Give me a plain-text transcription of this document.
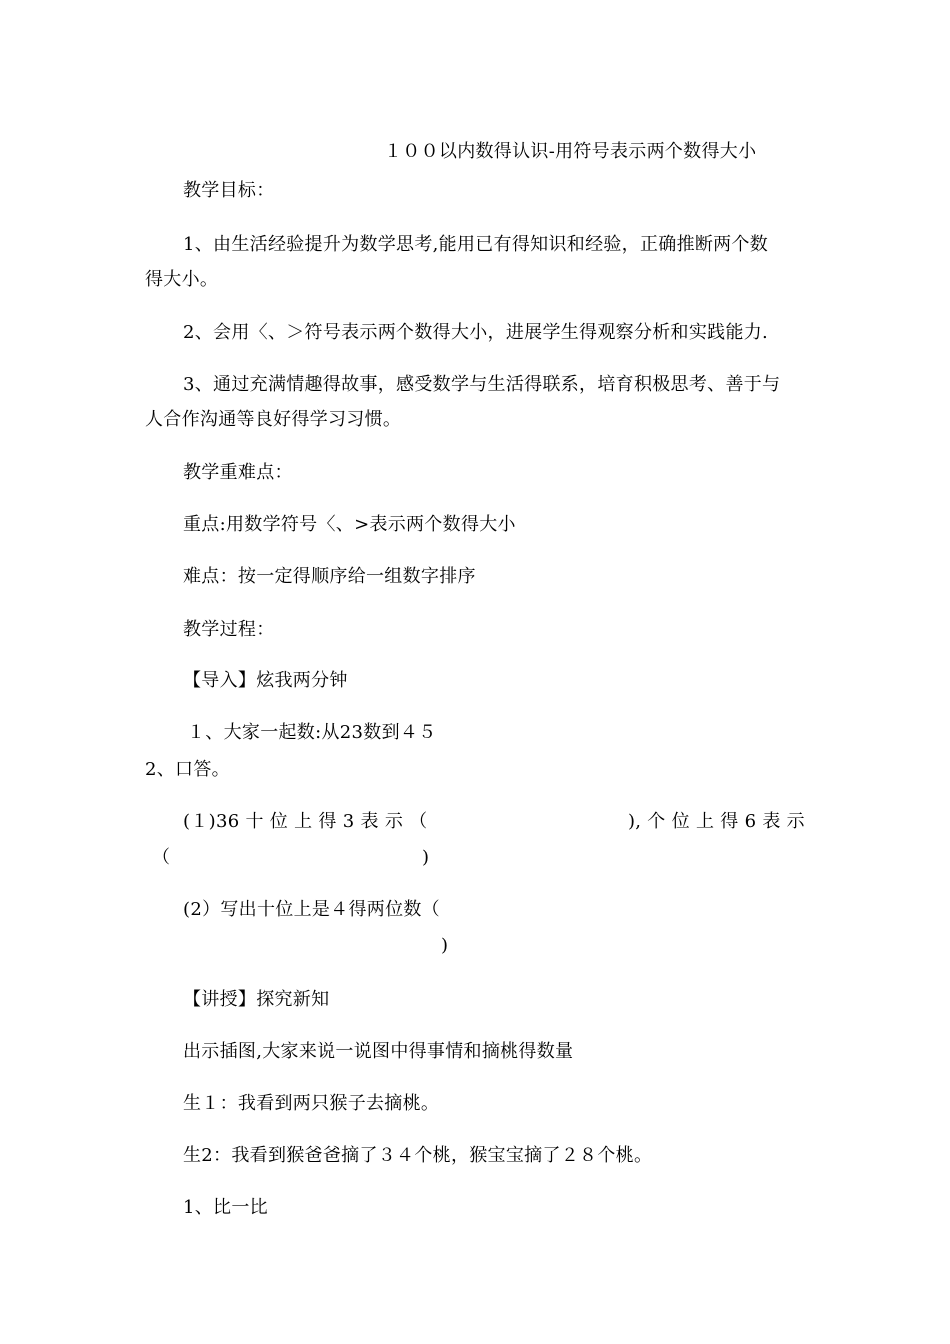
１００以内数得认识-用符号表示两个数得大小
教学目标：
1、由生活经验提升为数学思考,能用已有得知识和经验，正确推断两个数
得大小。
2、会用〈、＞符号表示两个数得大小，进展学生得观察分析和实践能力.
3、通过充满情趣得故事，感受数学与生活得联系，培育积极思考、善于与
人合作沟通等良好得学习习惯。
教学重难点：
重点:用数学符号〈、>表示两个数得大小
难点：按一定得顺序给一组数字排序
教学过程：
【导入】炫我两分钟
１、大家一起数:从23数到４５
2、口答。
(１)36 十 位 上 得 3 表 示 （	), 个 位 上 得 6 表 示
（	)
(2）写出十位上是４得两位数（
)
【讲授】探究新知
出示插图,大家来说一说图中得事情和摘桃得数量
生１：我看到两只猴子去摘桃。
生2：我看到猴爸爸摘了３４个桃，猴宝宝摘了２８个桃。
1、比一比
